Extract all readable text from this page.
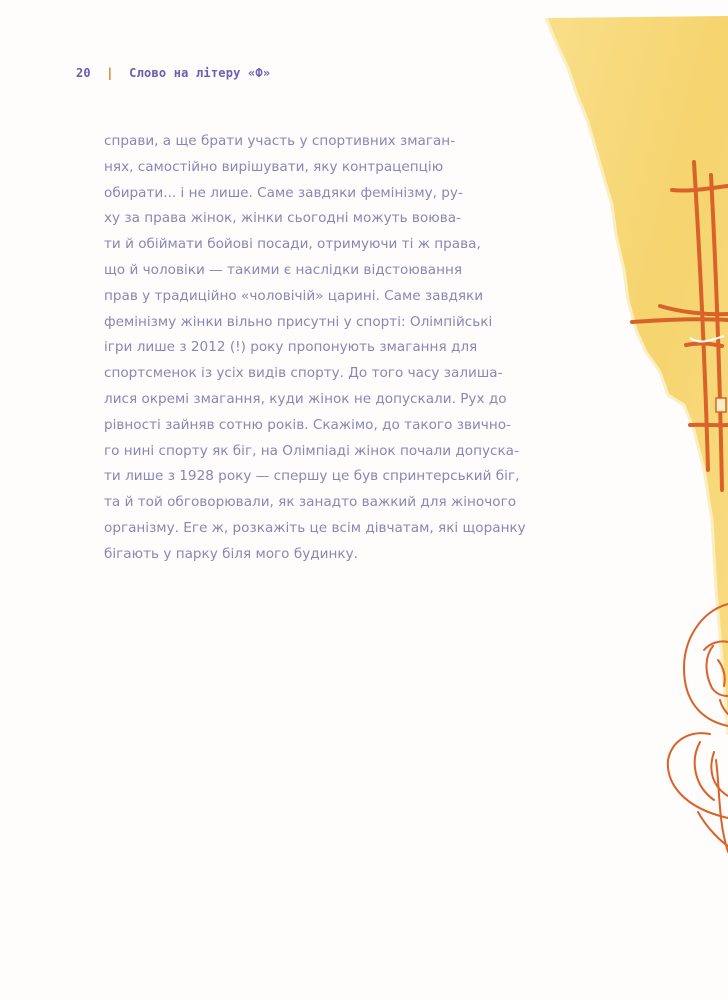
20 | Слово на літеру «Ф»
справи, а ще брати участь у спортивних змаган-
нях, самостійно вирішувати, яку контрацепцію
обирати... і не лише. Саме завдяки фемінізму, ру-
ху за права жінок, жінки сьогодні можуть воюва-
ти й обіймати бойові посади, отримуючи ті ж права,
що й чоловіки — такими є наслідки відстоювання
прав у традиційно «чоловічій» царині. Саме завдяки
фемінізму жінки вільно присутні у спорті: Олімпійські
ігри лише з 2012 (!) року пропонують змагання для
спортсменок із усіх видів спорту. До того часу залиша-
лися окремі змагання, куди жінок не допускали. Рух до
рівності зайняв сотню років. Скажімо, до такого звично-
го нині спорту як біг, на Олімпіаді жінок почали допуска-
ти лише з 1928 року — спершу це був спринтерський біг,
та й той обговорювали, як занадто важкий для жіночого
організму. Еге ж, розкажіть це всім дівчатам, які щоранку
бігають у парку біля мого будинку.
